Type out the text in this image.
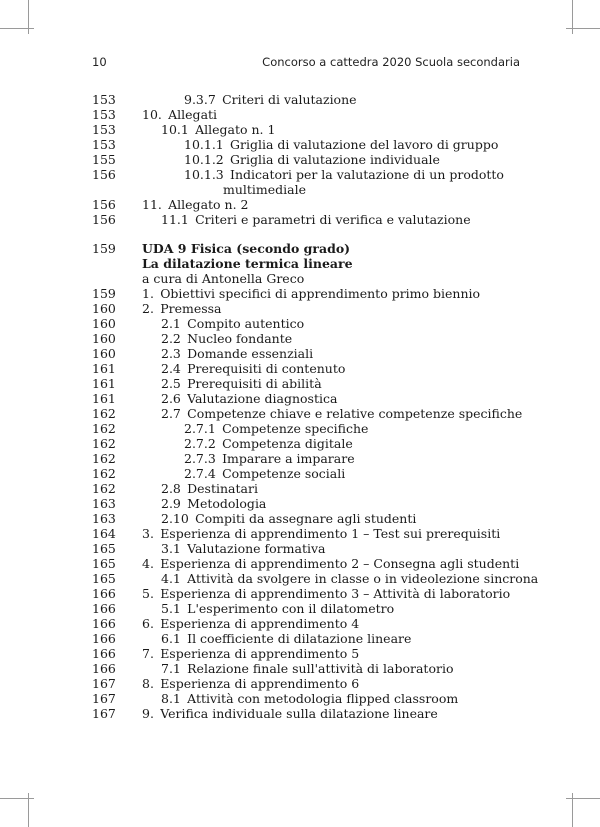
10	Concorso a cattedra 2020 Scuola secondaria
153	9.3.7  Criteri di valutazione
153	10.  Allegati
153	10.1  Allegato n. 1
153	10.1.1  Griglia di valutazione del lavoro di gruppo
155	10.1.2  Griglia di valutazione individuale
156	10.1.3  Indicatori per la valutazione di un prodotto
multimediale
156	11.  Allegato n. 2
156	11.1  Criteri e parametri di verifica e valutazione
159	UDA 9 Fisica (secondo grado)
La dilatazione termica lineare
a cura di Antonella Greco
159	1.  Obiettivi specifici di apprendimento primo biennio
160	2.  Premessa
160	2.1  Compito autentico
160	2.2  Nucleo fondante
160	2.3  Domande essenziali
161	2.4  Prerequisiti di contenuto
161	2.5  Prerequisiti di abilità
161	2.6  Valutazione diagnostica
162	2.7  Competenze chiave e relative competenze specifiche
162	2.7.1  Competenze specifiche
162	2.7.2  Competenza digitale
162	2.7.3  Imparare a imparare
162	2.7.4  Competenze sociali
162	2.8  Destinatari
163	2.9  Metodologia
163	2.10  Compiti da assegnare agli studenti
164	3.  Esperienza di apprendimento 1 – Test sui prerequisiti
165	3.1  Valutazione formativa
165	4.  Esperienza di apprendimento 2 – Consegna agli studenti
165	4.1  Attività da svolgere in classe o in videolezione sincrona
166	5.  Esperienza di apprendimento 3 – Attività di laboratorio
166	5.1  L'esperimento con il dilatometro
166	6.  Esperienza di apprendimento 4
166	6.1  Il coefficiente di dilatazione lineare
166	7.  Esperienza di apprendimento 5
166	7.1  Relazione finale sull'attività di laboratorio
167	8.  Esperienza di apprendimento 6
167	8.1  Attività con metodologia flipped classroom
167	9.  Verifica individuale sulla dilatazione lineare
